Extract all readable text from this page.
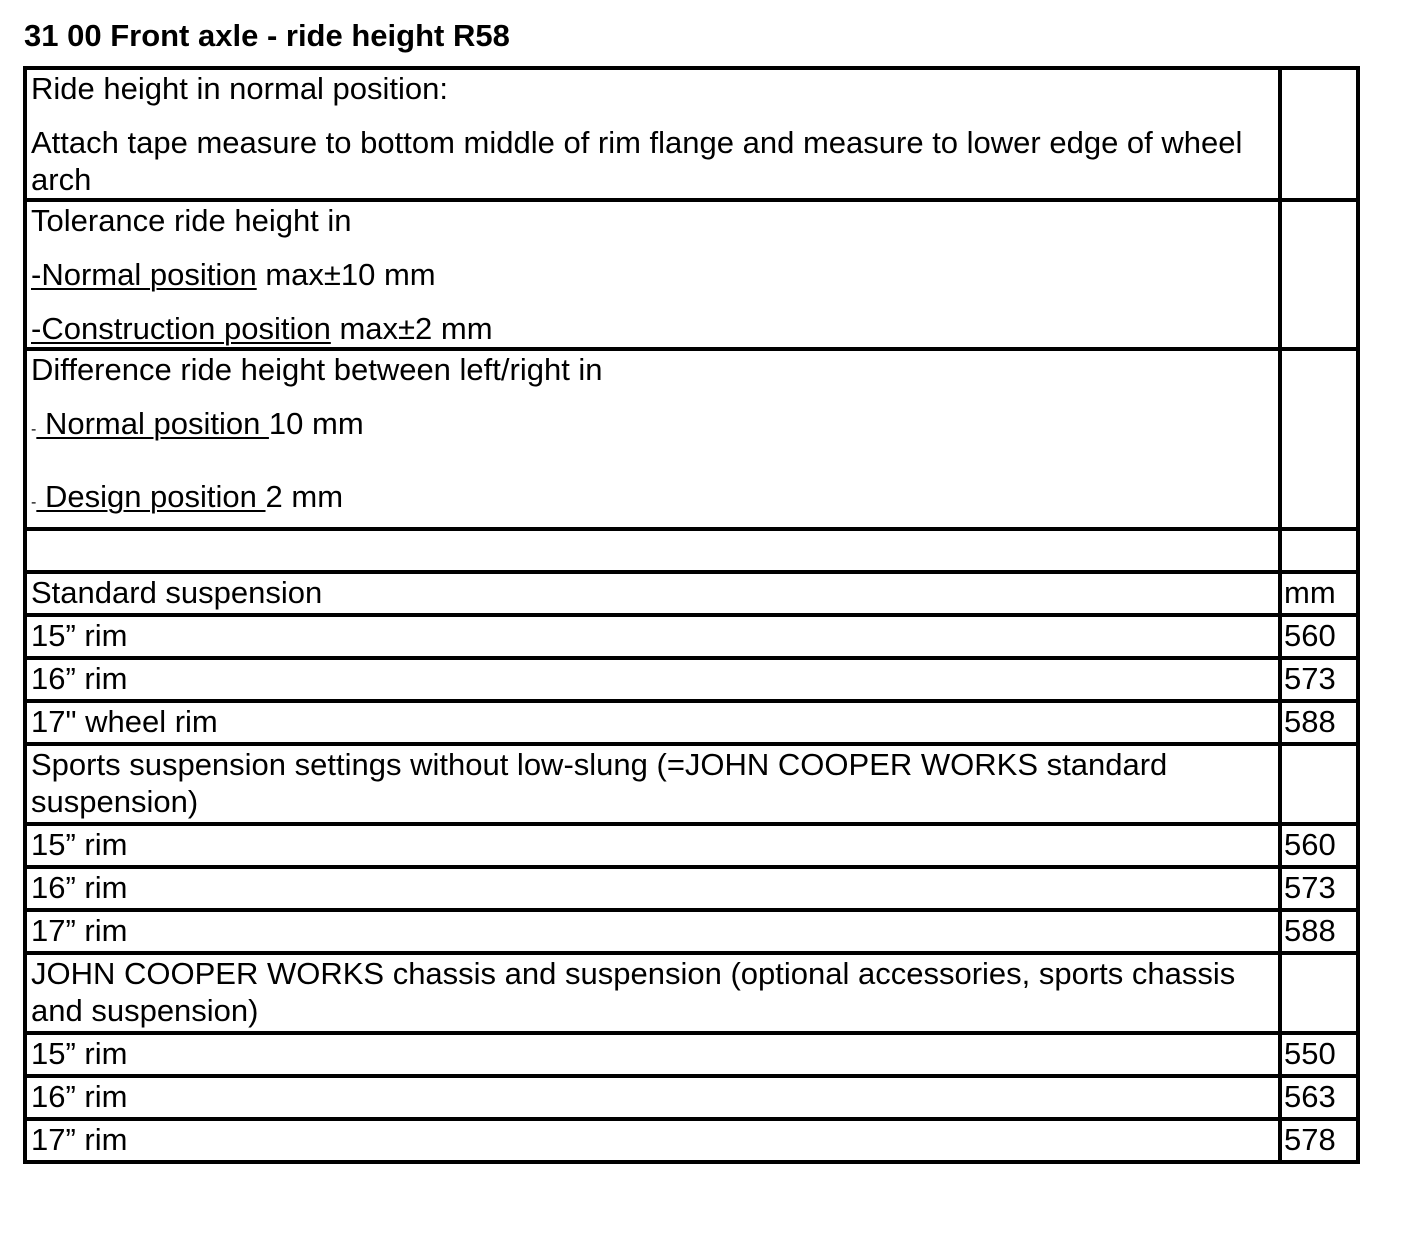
31 00 Front axle - ride height R58

Ride height in normal position:

Attach tape measure to bottom middle of rim flange and measure to lower edge of wheel arch	

Tolerance ride height in

-Normal position max±10 mm

-Construction position max±2 mm	

Difference ride height between left/right in

- Normal position 10 mm

- Design position 2 mm	

Standard suspension	mm
15” rim	560
16” rim	573
17" wheel rim	588
Sports suspension settings without low-slung (=JOHN COOPER WORKS standard suspension)	
15” rim	560
16” rim	573
17” rim	588
JOHN COOPER WORKS chassis and suspension (optional accessories, sports chassis and suspension)	
15” rim	550
16” rim	563
17” rim	578
